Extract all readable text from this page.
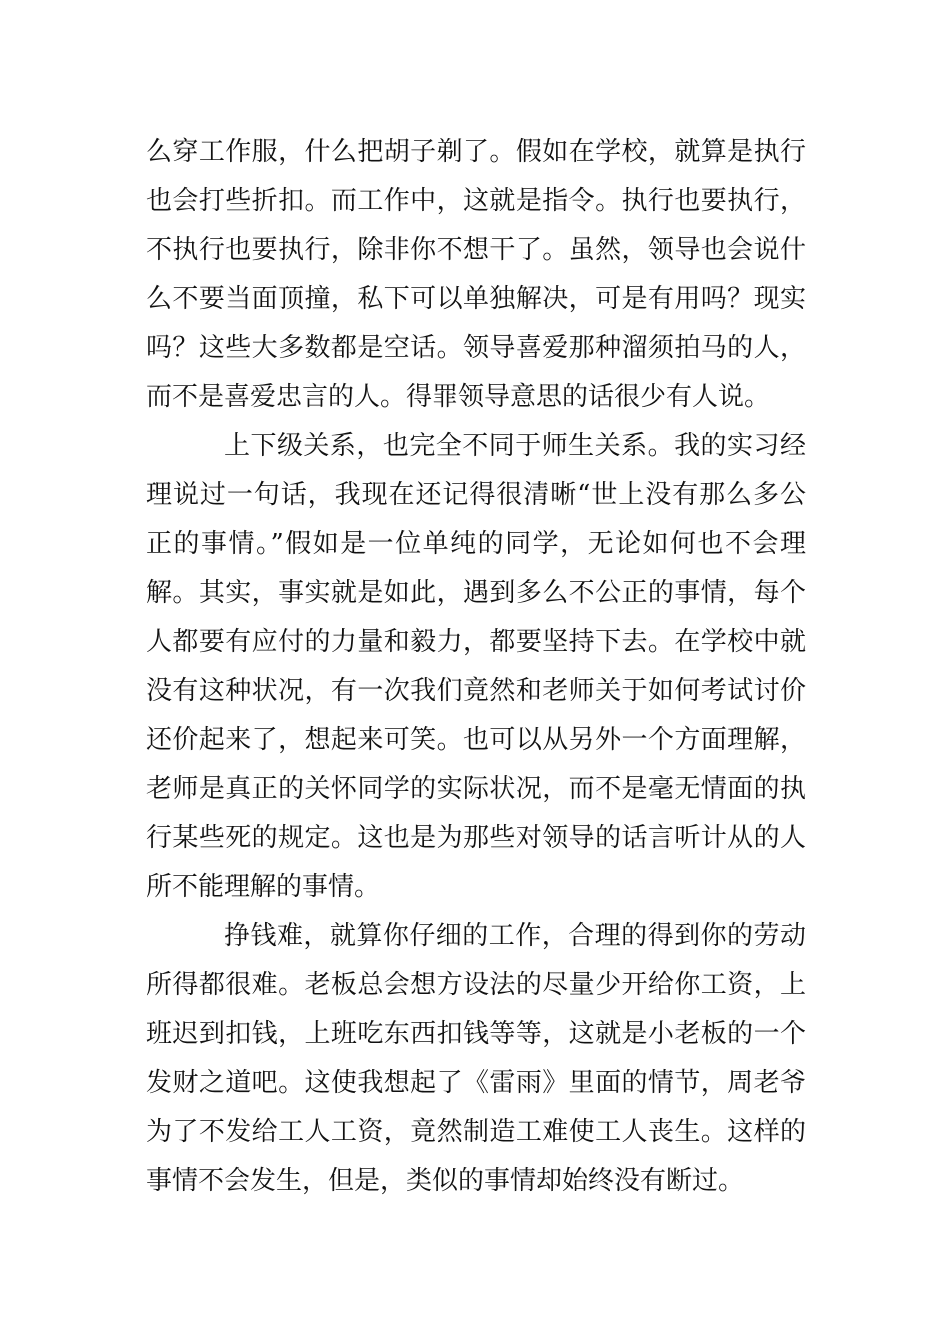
么穿工作服，什么把胡子剃了。假如在学校，就算是执行
也会打些折扣。而工作中，这就是指令。执行也要执行，
不执行也要执行，除非你不想干了。虽然，领导也会说什
么不要当面顶撞，私下可以单独解决，可是有用吗？现实
吗？这些大多数都是空话。领导喜爱那种溜须拍马的人，
而不是喜爱忠言的人。得罪领导意思的话很少有人说。
上下级关系，也完全不同于师生关系。我的实习经
理说过一句话，我现在还记得很清晰“世上没有那么多公
正的事情。”假如是一位单纯的同学，无论如何也不会理
解。其实，事实就是如此，遇到多么不公正的事情，每个
人都要有应付的力量和毅力，都要坚持下去。在学校中就
没有这种状况，有一次我们竟然和老师关于如何考试讨价
还价起来了，想起来可笑。也可以从另外一个方面理解，
老师是真正的关怀同学的实际状况，而不是毫无情面的执
行某些死的规定。这也是为那些对领导的话言听计从的人
所不能理解的事情。
挣钱难，就算你仔细的工作，合理的得到你的劳动
所得都很难。老板总会想方设法的尽量少开给你工资，上
班迟到扣钱，上班吃东西扣钱等等，这就是小老板的一个
发财之道吧。这使我想起了《雷雨》里面的情节，周老爷
为了不发给工人工资，竟然制造工难使工人丧生。这样的
事情不会发生，但是，类似的事情却始终没有断过。
